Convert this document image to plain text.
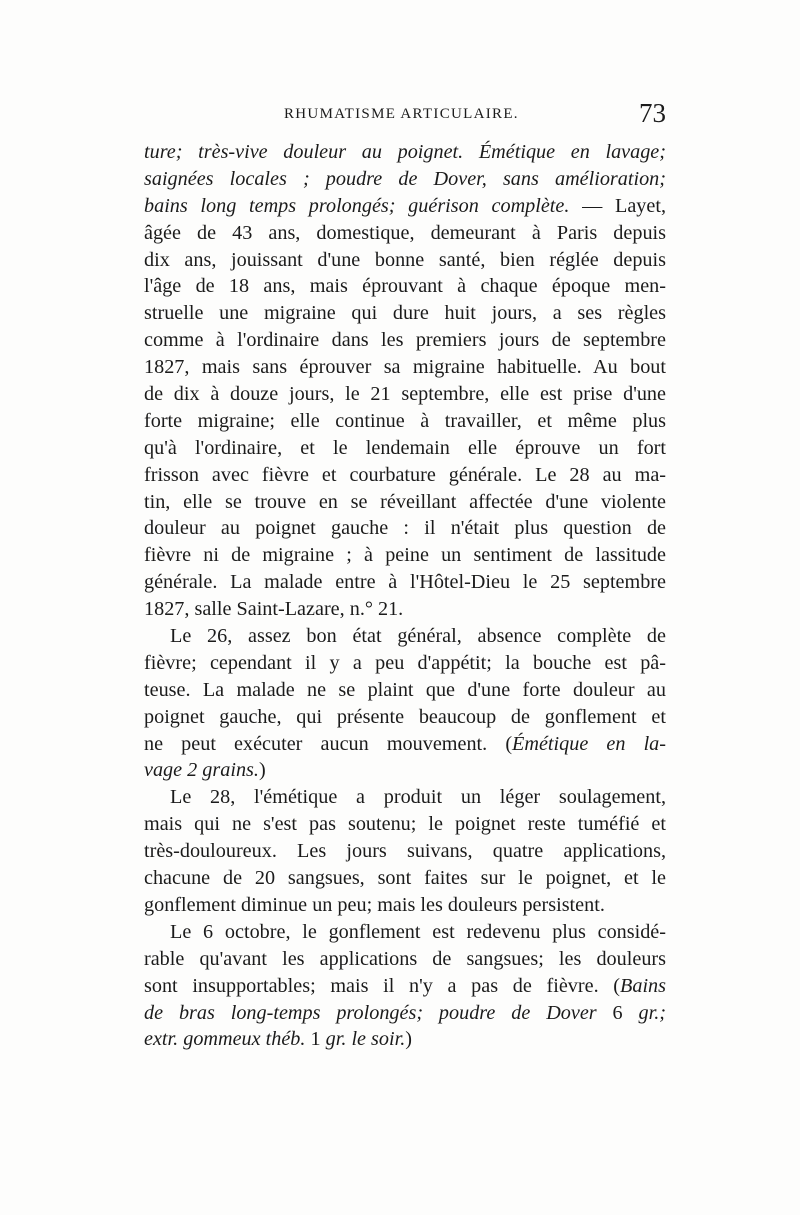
RHUMATISME ARTICULAIRE.	73
ture; très-vive douleur au poignet. Émétique en lavage;
saignées locales ; poudre de Dover, sans amélioration;
bains long temps prolongés; guérison complète. — Layet,
âgée de 43 ans, domestique, demeurant à Paris depuis
dix ans, jouissant d'une bonne santé, bien réglée depuis
l'âge de 18 ans, mais éprouvant à chaque époque men-
struelle une migraine qui dure huit jours, a ses règles
comme à l'ordinaire dans les premiers jours de septembre
1827, mais sans éprouver sa migraine habituelle. Au bout
de dix à douze jours, le 21 septembre, elle est prise d'une
forte migraine; elle continue à travailler, et même plus
qu'à l'ordinaire, et le lendemain elle éprouve un fort
frisson avec fièvre et courbature générale. Le 28 au ma-
tin, elle se trouve en se réveillant affectée d'une violente
douleur au poignet gauche : il n'était plus question de
fièvre ni de migraine ; à peine un sentiment de lassitude
générale. La malade entre à l'Hôtel-Dieu le 25 septembre
1827, salle Saint-Lazare, n.° 21.
Le 26, assez bon état général, absence complète de
fièvre; cependant il y a peu d'appétit; la bouche est pâ-
teuse. La malade ne se plaint que d'une forte douleur au
poignet gauche, qui présente beaucoup de gonflement et
ne peut exécuter aucun mouvement. (Émétique en la-
vage 2 grains.)
Le 28, l'émétique a produit un léger soulagement,
mais qui ne s'est pas soutenu; le poignet reste tuméfié et
très-douloureux. Les jours suivans, quatre applications,
chacune de 20 sangsues, sont faites sur le poignet, et le
gonflement diminue un peu; mais les douleurs persistent.
Le 6 octobre, le gonflement est redevenu plus considé-
rable qu'avant les applications de sangsues; les douleurs
sont insupportables; mais il n'y a pas de fièvre. (Bains
de bras long-temps prolongés; poudre de Dover 6 gr.;
extr. gommeux théb. 1 gr. le soir.)
